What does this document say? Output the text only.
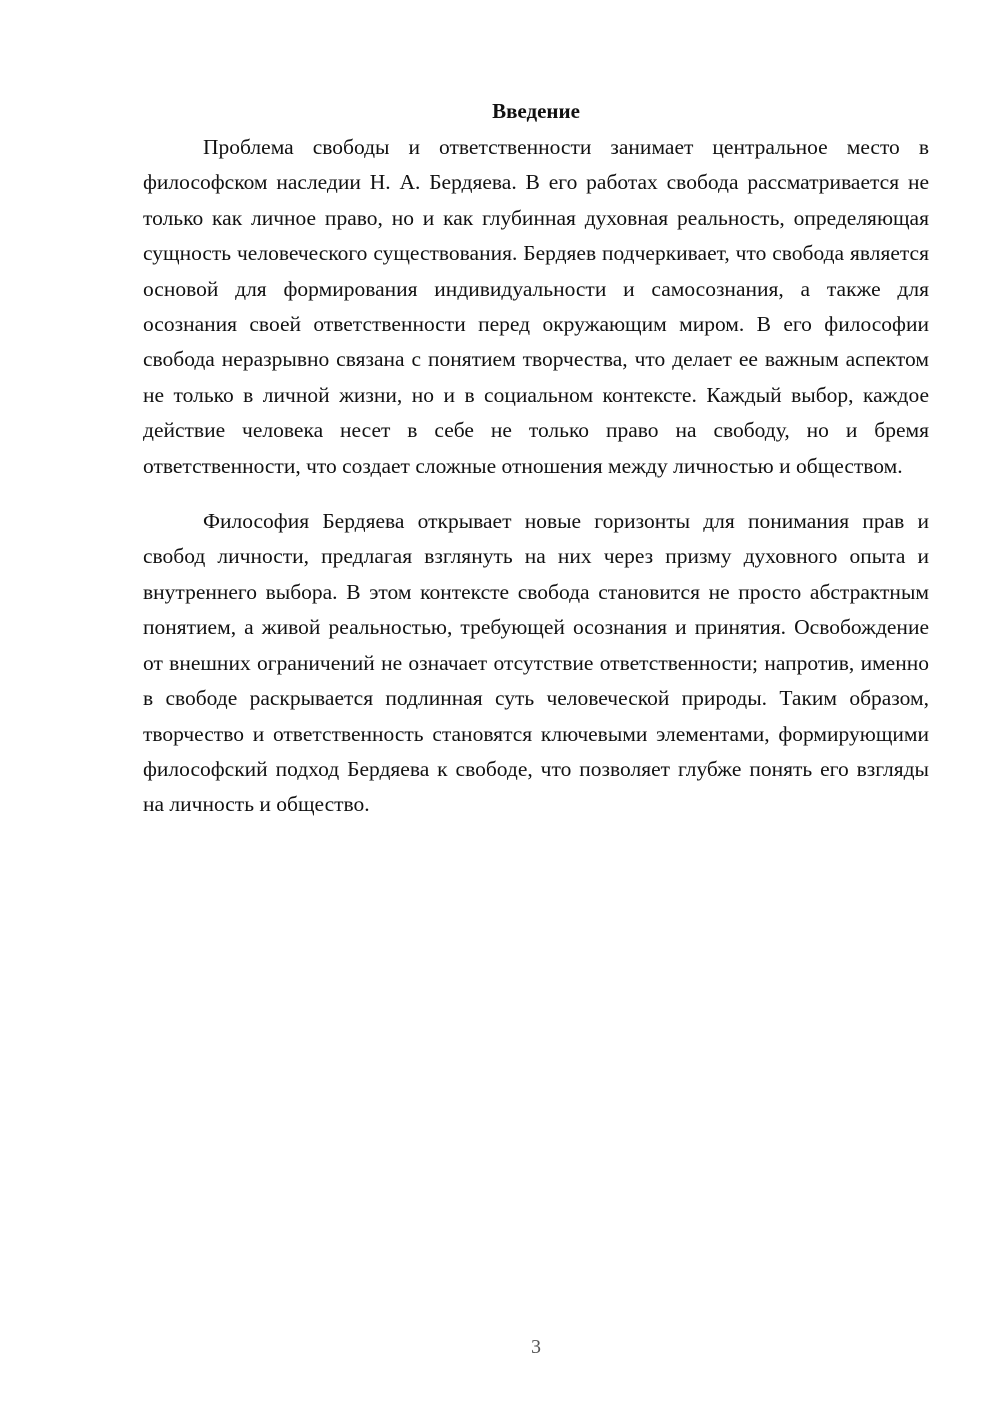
Введение

Проблема свободы и ответственности занимает центральное место в философском наследии Н. А. Бердяева. В его работах свобода рассматривается не только как личное право, но и как глубинная духовная реальность, определяющая сущность человеческого существования. Бердяев подчеркивает, что свобода является основой для формирования индивидуальности и самосознания, а также для осознания своей ответственности перед окружающим миром. В его философии свобода неразрывно связана с понятием творчества, что делает ее важным аспектом не только в личной жизни, но и в социальном контексте. Каждый выбор, каждое действие человека несет в себе не только право на свободу, но и бремя ответственности, что создает сложные отношения между личностью и обществом.

Философия Бердяева открывает новые горизонты для понимания прав и свобод личности, предлагая взглянуть на них через призму духовного опыта и внутреннего выбора. В этом контексте свобода становится не просто абстрактным понятием, а живой реальностью, требующей осознания и принятия. Освобождение от внешних ограничений не означает отсутствие ответственности; напротив, именно в свободе раскрывается подлинная суть человеческой природы. Таким образом, творчество и ответственность становятся ключевыми элементами, формирующими философский подход Бердяева к свободе, что позволяет глубже понять его взгляды на личность и общество.

3
